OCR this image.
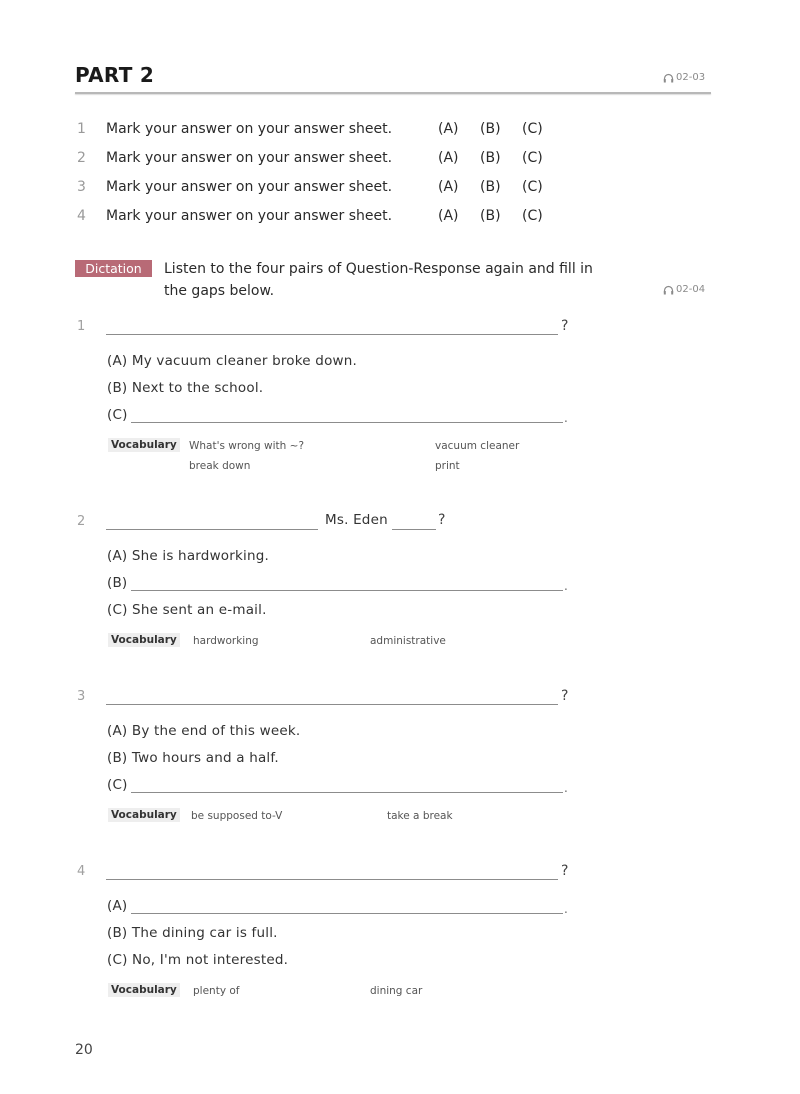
PART 2	02-03
1 Mark your answer on your answer sheet.	(A) (B) (C)
2 Mark your answer on your answer sheet.	(A) (B) (C)
3 Mark your answer on your answer sheet.	(A) (B) (C)
4 Mark your answer on your answer sheet.	(A) (B) (C)
Dictation	Listen to the four pairs of Question-Response again and fill in
the gaps below.	02-04
1	?
(A) My vacuum cleaner broke down.
(B) Next to the school.
(C)	.
Vocabulary What's wrong with ~?	vacuum cleaner
break down	print
2	Ms. Eden	?
(A) She is hardworking.
(B)	.
(C) She sent an e-mail.
Vocabulary hardworking	administrative
3	?
(A) By the end of this week.
(B) Two hours and a half.
(C)	.
Vocabulary be supposed to-V	take a break
4	?
(A)	.
(B) The dining car is full.
(C) No, I'm not interested.
Vocabulary plenty of	dining car
20
